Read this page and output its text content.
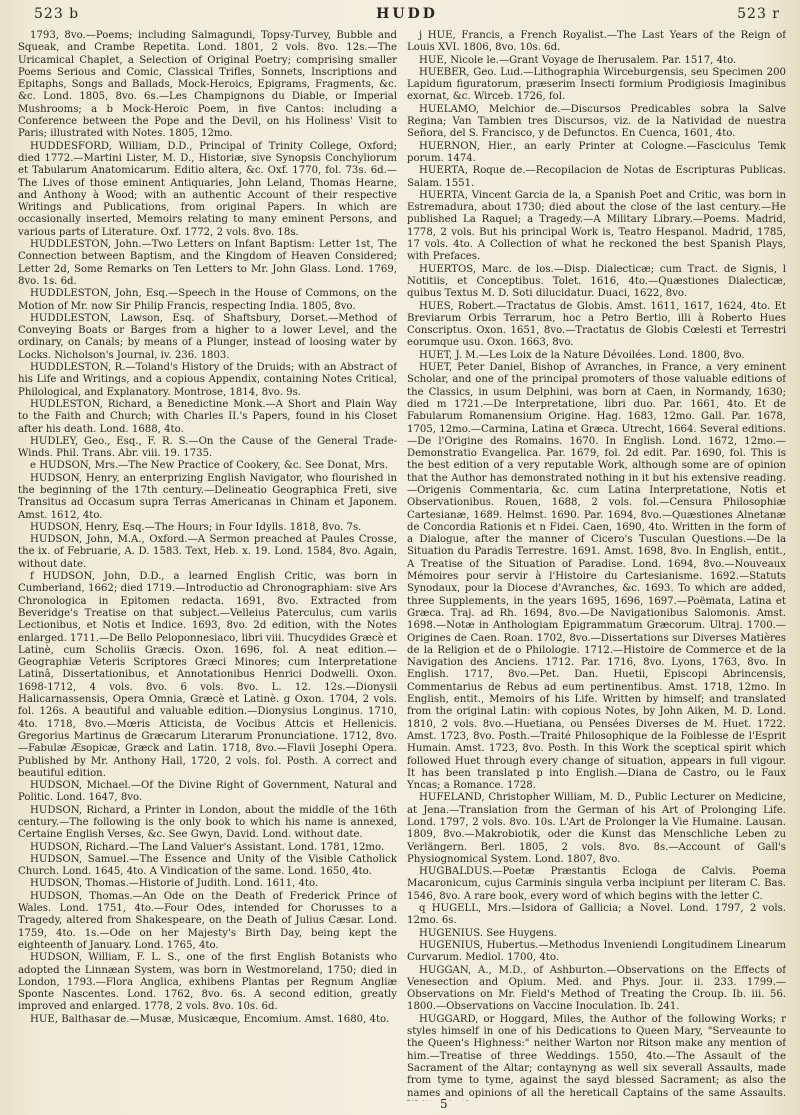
523 b	HUDD	523 r

1793, 8vo.—Poems; including Salmagundi, Topsy-Turvey, Bubble and Squeak, and Crambe Repetita. Lond. 1801, 2 vols. 8vo. 12s.—The Uricamical Chaplet, a Selection of Original Poetry; comprising smaller Poems Serious and Comic, Classical Trifles, Sonnets, Inscriptions and Epitaphs, Songs and Ballads, Mock-Heroics, Epigrams, Fragments, &c. &c. Lond. 1805, 8vo. 6s.—Les Champignons du Diable, or Imperial Mushrooms; a b Mock-Heroic Poem, in five Cantos: including a Conference between the Pope and the Devil, on his Holiness' Visit to Paris; illustrated with Notes. 1805, 12mo.

HUDDESFORD, William, D.D., Principal of Trinity College, Oxford; died 1772.—Martini Lister, M. D., Historiæ, sive Synopsis Conchyliorum et Tabularum Anatomicarum. Editio altera, &c. Oxf. 1770, fol. 73s. 6d.—The Lives of those eminent Antiquaries, John Leland, Thomas Hearne, and Anthony à Wood; with an authentic Account of their respective Writings and Publications, from original Papers. In which are occasionally inserted, Memoirs relating to many eminent Persons, and various parts of Literature. Oxf. 1772, 2 vols. 8vo. 18s.

HUDDLESTON, John.—Two Letters on Infant Baptism: Letter 1st, The Connection between Baptism, and the Kingdom of Heaven Considered; Letter 2d, Some Remarks on Ten Letters to Mr. John Glass. Lond. 1769, 8vo. 1s. 6d.

HUDDLESTON, John, Esq.—Speech in the House of Commons, on the Motion of Mr. now Sir Philip Francis, respecting India. 1805, 8vo.

HUDDLESTON, Lawson, Esq. of Shaftsbury, Dorset.—Method of Conveying Boats or Barges from a higher to a lower Level, and the ordinary, on Canals; by means of a Plunger, instead of loosing water by Locks. Nicholson's Journal, iv. 236. 1803.

HUDDLESTON, R.—Toland's History of the Druids; with an Abstract of his Life and Writings, and a copious Appendix, containing Notes Critical, Philological, and Explanatory. Montrose, 1814, 8vo. 9s.

HUDLESTON, Richard, a Benedictine Monk.—A Short and Plain Way to the Faith and Church; with Charles II.'s Papers, found in his Closet after his death. Lond. 1688, 4to.

HUDLEY, Geo., Esq., F. R. S.—On the Cause of the General Trade-Winds. Phil. Trans. Abr. viii. 19. 1735.

e HUDSON, Mrs.—The New Practice of Cookery, &c. See Donat, Mrs.

HUDSON, Henry, an enterprizing English Navigator, who flourished in the beginning of the 17th century.—Delineatio Geographica Freti, sive Transitus ad Occasum supra Terras Americanas in Chinam et Japonem. Amst. 1612, 4to.

HUDSON, Henry, Esq.—The Hours; in Four Idylls. 1818, 8vo. 7s.

HUDSON, John, M.A., Oxford.—A Sermon preached at Paules Crosse, the ix. of Februarie, A. D. 1583. Text, Heb. x. 19. Lond. 1584, 8vo. Again, without date.

f HUDSON, John, D.D., a learned English Critic, was born in Cumberland, 1662; died 1719.—Introductio ad Chronographiam: sive Ars Chronologica in Epitomen redacta. 1691, 8vo. Extracted from Beveridge's Treatise on that subject.—Velleius Paterculus, cum variis Lectionibus, et Notis et Indice. 1693, 8vo. 2d edition, with the Notes enlarged. 1711.—De Bello Peloponnesiaco, libri viii. Thucydides Græcè et Latinè, cum Scholiis Græcis. Oxon. 1696, fol. A neat edition.—Geographiæ Veteris Scriptores Græci Minores; cum Interpretatione Latinâ, Dissertationibus, et Annotationibus Henrici Dodwelli. Oxon. 1698-1712, 4 vols. 8vo. 6 vols. 8vo. L. 12. 12s.—Dionysii Halicarnassensis, Opera Omnia, Græcè et Latinè. g Oxon. 1704, 2 vols. fol. 126s. A beautiful and valuable edition.—Dionysius Longinus. 1710, 4to. 1718, 8vo.—Mœris Atticista, de Vocibus Attcis et Hellenicis. Gregorius Martinus de Græcarum Literarum Pronunciatione. 1712, 8vo.—Fabulæ Æsopicæ, Græck and Latin. 1718, 8vo.—Flavii Josephi Opera. Published by Mr. Anthony Hall, 1720, 2 vols. fol. Posth. A correct and beautiful edition.

HUDSON, Michael.—Of the Divine Right of Government, Natural and Politic. Lond. 1647, 8vo.

HUDSON, Richard, a Printer in London, about the middle of the 16th century.—The following is the only book to which his name is annexed, Certaine English Verses, &c. See Gwyn, David. Lond. without date.

HUDSON, Richard.—The Land Valuer's Assistant. Lond. 1781, 12mo.

HUDSON, Samuel.—The Essence and Unity of the Visible Catholick Church. Lond. 1645, 4to. A Vindication of the same. Lond. 1650, 4to.

HUDSON, Thomas.—Historie of Judith. Lond. 1611, 4to.

HUDSON, Thomas.—An Ode on the Death of Frederick Prince of Wales. Lond. 1751, 4to.—Four Odes, intended for Chorusses to a Tragedy, altered from Shakespeare, on the Death of Julius Cæsar. Lond. 1759, 4to. 1s.—Ode on her Majesty's Birth Day, being kept the eighteenth of January. Lond. 1765, 4to.

HUDSON, William, F. L. S., one of the first English Botanists who adopted the Linnæan System, was born in Westmoreland, 1750; died in London, 1793.—Flora Anglica, exhibens Plantas per Regnum Angliæ Sponte Nascentes. Lond. 1762, 8vo. 6s. A second edition, greatly improved and enlarged. 1778, 2 vols. 8vo. 10s. 6d.

HUE, Balthasar de.—Musæ, Musicæque, Encomium. Amst. 1680, 4to.

j HUE, Francis, a French Royalist.—The Last Years of the Reign of Louis XVI. 1806, 8vo. 10s. 6d.

HUE, Nicole le.—Grant Voyage de Iherusalem. Par. 1517, 4to.

HUEBER, Geo. Lud.—Lithographia Wirceburgensis, seu Specimen 200 Lapidum figuratorum, præserim Insecti formium Prodigiosis Imaginibus exornat, &c. Wirceb. 1726, fol.

HUELAMO, Melchior de.—Discursos Predicables sobra la Salve Regina; Van Tambien tres Discursos, viz. de la Natividad de nuestra Señora, del S. Francisco, y de Defunctos. En Cuenca, 1601, 4to.

HUERNON, Hier., an early Printer at Cologne.—Fasciculus Temk porum. 1474.

HUERTA, Roque de.—Recopilacion de Notas de Escripturas Publicas. Salam. 1551.

HUERTA, Vincent Garcia de la, a Spanish Poet and Critic, was born in Estremadura, about 1730; died about the close of the last century.—He published La Raquel; a Tragedy.—A Military Library.—Poems. Madrid, 1778, 2 vols. But his principal Work is, Teatro Hespanol. Madrid, 1785, 17 vols. 4to. A Collection of what he reckoned the best Spanish Plays, with Prefaces.

HUERTOS, Marc. de los.—Disp. Dialecticæ; cum Tract. de Signis, l Notitiis, et Conceptibus. Tolet. 1616, 4to.—Quæstiones Dialecticæ, quibus Textus M. D. Soti dilucidatur. Duaci, 1622, 8vo.

HUES, Robert.—Tractatus de Globis. Amst. 1611, 1617, 1624, 4to. Et Breviarum Orbis Terrarum, hoc a Petro Bertio, illi à Roberto Hues Conscriptus. Oxon. 1651, 8vo.—Tractatus de Globis Cœlesti et Terrestri eorumque usu. Oxon. 1663, 8vo.

HUET, J. M.—Les Loix de la Nature Dévoilées. Lond. 1800, 8vo.

HUET, Peter Daniel, Bishop of Avranches, in France, a very eminent Scholar, and one of the principal promoters of those valuable editions of the Classics, in usum Delphini, was born at Caen, in Normandy, 1630; died m 1721.—De Interpretatione, libri duo. Par. 1661, 4to. Et de Fabularum Romanensium Origine. Hag. 1683, 12mo. Gall. Par. 1678, 1705, 12mo.—Carmina, Latina et Græca. Utrecht, 1664. Several editions.—De l'Origine des Romains. 1670. In English. Lond. 1672, 12mo.—Demonstratio Evangelica. Par. 1679, fol. 2d edit. Par. 1690, fol. This is the best edition of a very reputable Work, although some are of opinion that the Author has demonstrated nothing in it but his extensive reading.—Origenis Commentaria, &c. cum Latina Interpretatione, Notis et Observationibus. Rouen, 1688, 2 vols. fol.—Censura Philosophiæ Cartesianæ, 1689. Helmst. 1690. Par. 1694, 8vo.—Quæstiones Alnetanæ de Concordia Rationis et n Fidei. Caen, 1690, 4to. Written in the form of a Dialogue, after the manner of Cicero's Tusculan Questions.—De la Situation du Paradis Terrestre. 1691. Amst. 1698, 8vo. In English, entit., A Treatise of the Situation of Paradise. Lond. 1694, 8vo.—Nouveaux Mémoires pour servir à l'Histoire du Cartesianisme. 1692.—Statuts Synodaux, pour la Diocese d'Avranches, &c. 1693. To which are added, three Supplements, in the years 1695, 1696, 1697.—Poëmata, Latina et Græca. Traj. ad Rh. 1694, 8vo.—De Navigationibus Salomonis. Amst. 1698.—Notæ in Anthologiam Epigrammatum Græcorum. Ultraj. 1700.—Origines de Caen. Roan. 1702, 8vo.—Dissertations sur Diverses Matières de la Religion et de o Philologie. 1712.—Histoire de Commerce et de la Navigation des Anciens. 1712. Par. 1716, 8vo. Lyons, 1763, 8vo. In English. 1717, 8vo.—Pet. Dan. Huetii, Episcopi Abrincensis, Commentarius de Rebus ad eum pertinentibus. Amst. 1718, 12mo. In English, entit., Memoirs of his Life. Written by himself; and translated from the original Latin: with copious Notes, by John Aiken, M. D. Lond. 1810, 2 vols. 8vo.—Huetiana, ou Pensées Diverses de M. Huet. 1722. Amst. 1723, 8vo. Posth.—Traité Philosophique de la Foiblesse de l'Esprit Humain. Amst. 1723, 8vo. Posth. In this Work the sceptical spirit which followed Huet through every change of situation, appears in full vigour. It has been translated p into English.—Diana de Castro, ou le Faux Yncas; a Romance. 1728.

HUFELAND, Christopher William, M. D., Public Lecturer on Medicine, at Jena.—Translation from the German of his Art of Prolonging Life. Lond. 1797, 2 vols. 8vo. 10s. L'Art de Prolonger la Vie Humaine. Lausan. 1809, 8vo.—Makrobiotik, oder die Kunst das Menschliche Leben zu Verlängern. Berl. 1805, 2 vols. 8vo. 8s.—Account of Gall's Physiognomical System. Lond. 1807, 8vo.

HUGBALDUS.—Poetæ Præstantis Ecloga de Calvis. Poema Macaronicum, cujus Carminis singula verba incipiunt per literam C. Bas. 1546, 8vo. A rare book, every word of which begins with the letter C.

q HUGELL, Mrs.—Isidora of Gallicia; a Novel. Lond. 1797, 2 vols. 12mo. 6s.

HUGENIUS. See Huygens.

HUGENIUS, Hubertus.—Methodus Inveniendi Longitudinem Linearum Curvarum. Mediol. 1700, 4to.

HUGGAN, A., M.D., of Ashburton.—Observations on the Effects of Venesection and Opium. Med. and Phys. Jour. ii. 233. 1799.—Observations on Mr. Field's Method of Treating the Croup. Ib. iii. 56. 1800.—Observations on Vaccine Inoculation. Ib. 241.

HUGGARD, or Hoggard, Miles, the Author of the following Works; r styles himself in one of his Dedications to Queen Mary, "Serveaunte to the Queen's Highness:" neither Warton nor Ritson make any mention of him.—Treatise of three Weddings. 1550, 4to.—The Assault of the Sacrament of the Altar; contaynyng as well six severall Assaults, made from tyme to tyme, against the sayd blessed Sacrament; as also the names and opinions of all the hereticall Captains of the same Assaults.

5
